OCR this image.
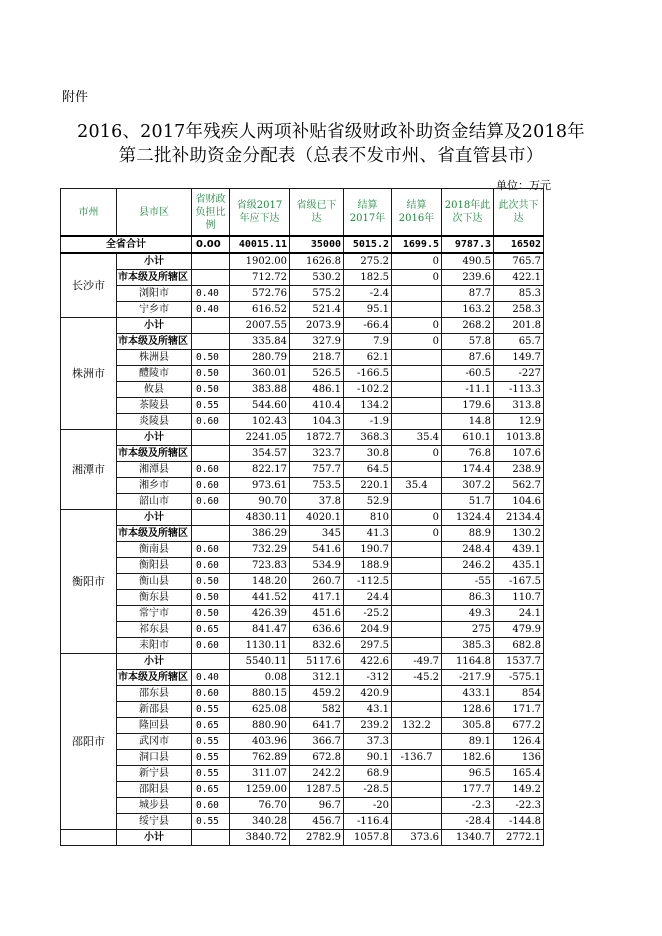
附件
2016、2017年残疾人两项补贴省级财政补助资金结算及2018年
第二批补助资金分配表（总表不发市州、省直管县市）
单位：万元
市州	县市区	省财政负担比例	省级2017年应下达	省级已下达	结算2017年	结算2016年	2018年此次下达	此次共下达
全省合计		0.00	40015.11	35000	5015.2	1699.5	9787.3	16502
长沙市	小计		1902.00	1626.8	275.2	0	490.5	765.7
	市本级及所辖区		712.72	530.2	182.5	0	239.6	422.1
	浏阳市	0.40	572.76	575.2	-2.4		87.7	85.3
	宁乡市	0.40	616.52	521.4	95.1		163.2	258.3
株洲市	小计		2007.55	2073.9	-66.4	0	268.2	201.8
	市本级及所辖区		335.84	327.9	7.9	0	57.8	65.7
	株洲县	0.50	280.79	218.7	62.1		87.6	149.7
	醴陵市	0.50	360.01	526.5	-166.5		-60.5	-227
	攸县	0.50	383.88	486.1	-102.2		-11.1	-113.3
	茶陵县	0.55	544.60	410.4	134.2		179.6	313.8
	炎陵县	0.60	102.43	104.3	-1.9		14.8	12.9
湘潭市	小计		2241.05	1872.7	368.3	35.4	610.1	1013.8
	市本级及所辖区		354.57	323.7	30.8	0	76.8	107.6
	湘潭县	0.60	822.17	757.7	64.5		174.4	238.9
	湘乡市	0.60	973.61	753.5	220.1	35.4	307.2	562.7
	韶山市	0.60	90.70	37.8	52.9		51.7	104.6
衡阳市	小计		4830.11	4020.1	810	0	1324.4	2134.4
	市本级及所辖区		386.29	345	41.3	0	88.9	130.2
	衡南县	0.60	732.29	541.6	190.7		248.4	439.1
	衡阳县	0.60	723.83	534.9	188.9		246.2	435.1
	衡山县	0.50	148.20	260.7	-112.5		-55	-167.5
	衡东县	0.50	441.52	417.1	24.4		86.3	110.7
	常宁市	0.50	426.39	451.6	-25.2		49.3	24.1
	祁东县	0.65	841.47	636.6	204.9		275	479.9
	耒阳市	0.60	1130.11	832.6	297.5		385.3	682.8
邵阳市	小计		5540.11	5117.6	422.6	-49.7	1164.8	1537.7
	市本级及所辖区	0.40	0.08	312.1	-312	-45.2	-217.9	-575.1
	邵东县	0.60	880.15	459.2	420.9		433.1	854
	新邵县	0.55	625.08	582	43.1		128.6	171.7
	隆回县	0.65	880.90	641.7	239.2	132.2	305.8	677.2
	武冈市	0.55	403.96	366.7	37.3		89.1	126.4
	洞口县	0.55	762.89	672.8	90.1	-136.7	182.6	136
	新宁县	0.55	311.07	242.2	68.9		96.5	165.4
	邵阳县	0.65	1259.00	1287.5	-28.5		177.7	149.2
	城步县	0.60	76.70	96.7	-20		-2.3	-22.3
	绥宁县	0.55	340.28	456.7	-116.4		-28.4	-144.8
	小计		3840.72	2782.9	1057.8	373.6	1340.7	2772.1
